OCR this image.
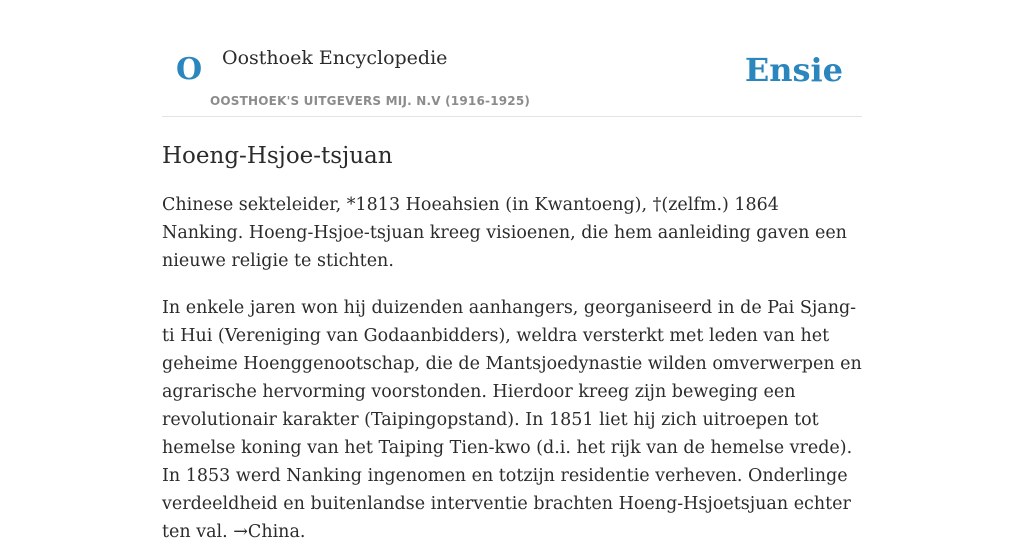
O Oosthoek Encyclopedie
OOSTHOEK'S UITGEVERS MIJ. N.V (1916-1925)
Ensie
Hoeng-Hsjoe-tsjuan

Chinese sekteleider, *1813 Hoeahsien (in Kwantoeng), †(zelfm.) 1864 Nanking. Hoeng-Hsjoe-tsjuan kreeg visioenen, die hem aanleiding gaven een nieuwe religie te stichten.

In enkele jaren won hij duizenden aanhangers, georganiseerd in de Pai Sjang-ti Hui (Vereniging van Godaanbidders), weldra versterkt met leden van het geheime Hoenggenootschap, die de Mantsjoedynastie wilden omverwerpen en agrarische hervorming voorstonden. Hierdoor kreeg zijn beweging een revolutionair karakter (Taipingopstand). In 1851 liet hij zich uitroepen tot hemelse koning van het Taiping Tien-kwo (d.i. het rijk van de hemelse vrede). In 1853 werd Nanking ingenomen en totzijn residentie verheven. Onderlinge verdeeldheid en buitenlandse interventie brachten Hoeng-Hsjoetsjuan echter ten val. →China.
